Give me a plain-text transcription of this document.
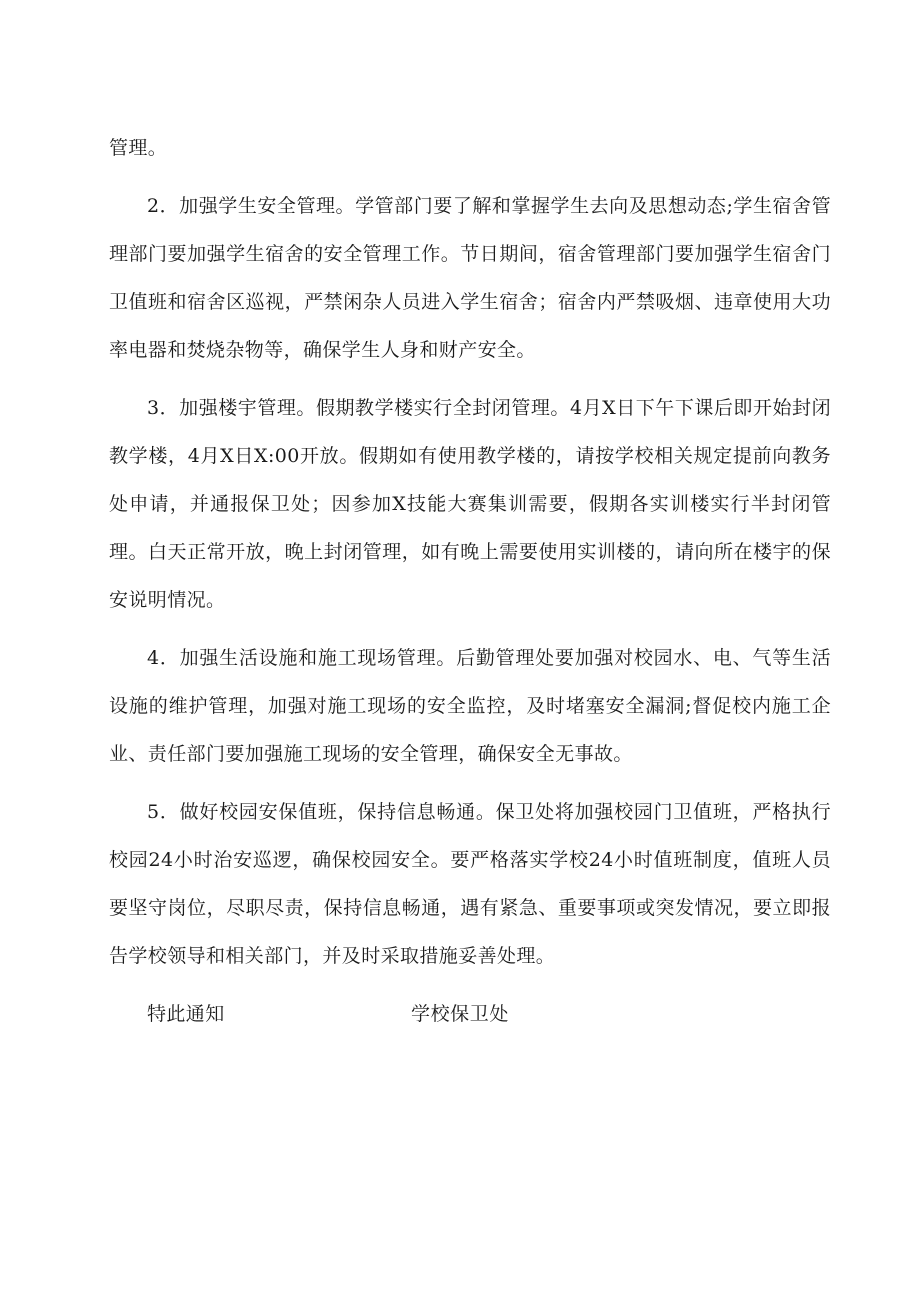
管理。

2．加强学生安全管理。学管部门要了解和掌握学生去向及思想动态;学生宿舍管理部门要加强学生宿舍的安全管理工作。节日期间，宿舍管理部门要加强学生宿舍门卫值班和宿舍区巡视，严禁闲杂人员进入学生宿舍；宿舍内严禁吸烟、违章使用大功率电器和焚烧杂物等，确保学生人身和财产安全。

3．加强楼宇管理。假期教学楼实行全封闭管理。4月X日下午下课后即开始封闭教学楼，4月X日X:00开放。假期如有使用教学楼的，请按学校相关规定提前向教务处申请，并通报保卫处；因参加X技能大赛集训需要，假期各实训楼实行半封闭管理。白天正常开放，晚上封闭管理，如有晚上需要使用实训楼的，请向所在楼宇的保安说明情况。

4．加强生活设施和施工现场管理。后勤管理处要加强对校园水、电、气等生活设施的维护管理，加强对施工现场的安全监控，及时堵塞安全漏洞;督促校内施工企业、责任部门要加强施工现场的安全管理，确保安全无事故。

5．做好校园安保值班，保持信息畅通。保卫处将加强校园门卫值班，严格执行校园24小时治安巡逻，确保校园安全。要严格落实学校24小时值班制度，值班人员要坚守岗位，尽职尽责，保持信息畅通，遇有紧急、重要事项或突发情况，要立即报告学校领导和相关部门，并及时采取措施妥善处理。

特此通知	学校保卫处
